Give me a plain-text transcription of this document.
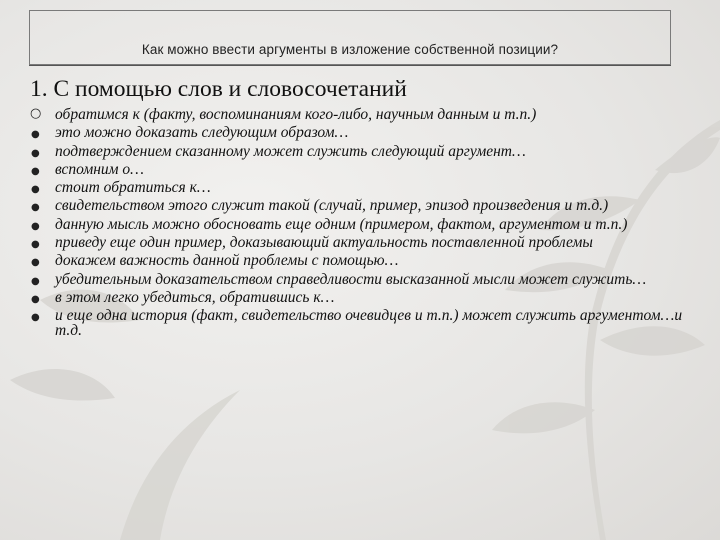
Как можно ввести аргументы в изложение собственной позиции?
1. С помощью слов и словосочетаний
○ обратимся к (факту, воспоминаниям кого-либо, научным данным и т.п.)
● это можно доказать следующим образом…
● подтверждением сказанному может служить следующий аргумент…
● вспомним о…
● стоит обратиться к…
● свидетельством этого служит такой (случай, пример, эпизод произведения и т.д.)
● данную мысль можно обосновать еще одним (примером, фактом, аргументом и т.п.)
● приведу еще один пример, доказывающий актуальность поставленной проблемы
● докажем важность данной проблемы с помощью…
● убедительным доказательством справедливости высказанной мысли может служить…
● в этом легко убедиться, обратившись к…
● и еще одна история (факт, свидетельство очевидцев и т.п.) может служить аргументом…и т.д.
